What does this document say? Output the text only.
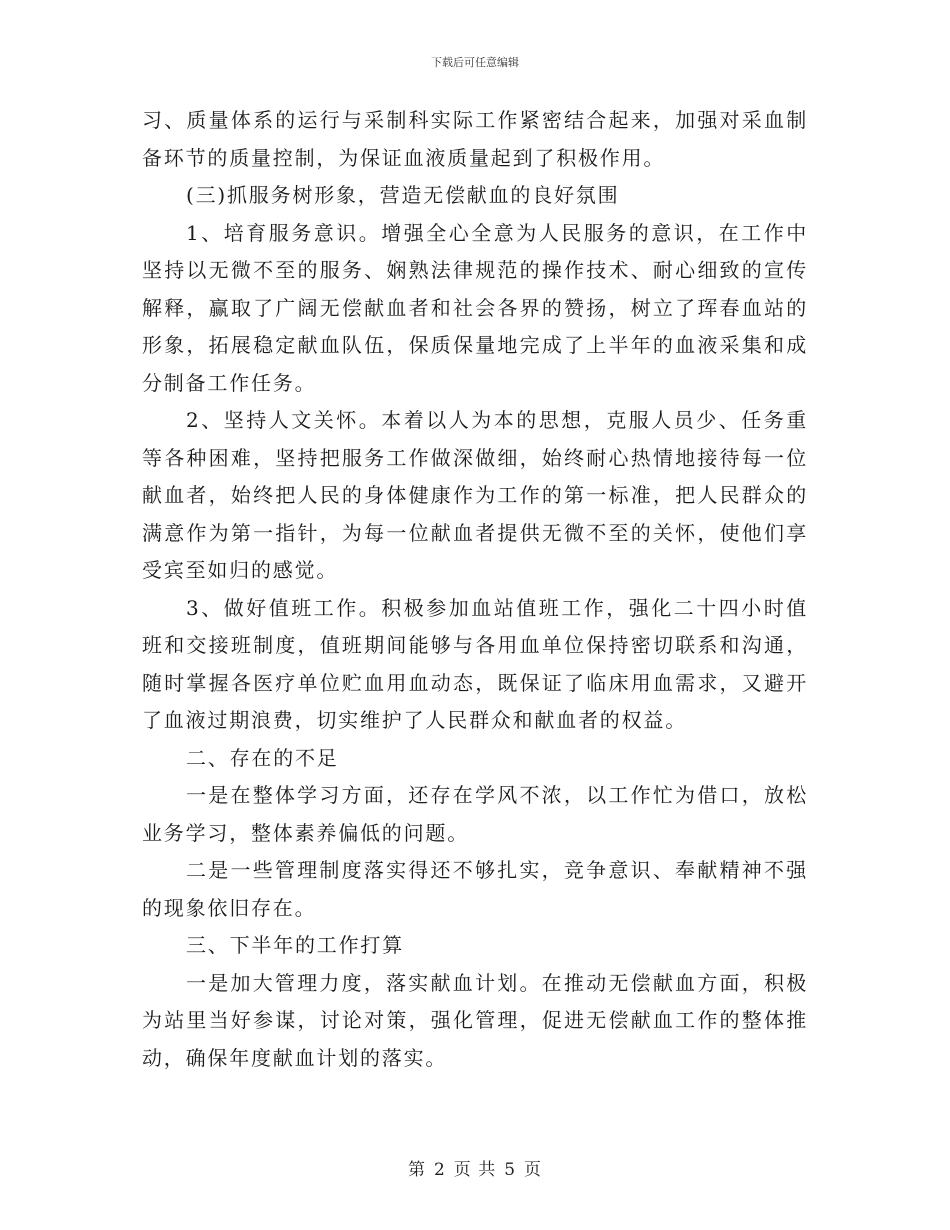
下载后可任意编辑

习、质量体系的运行与采制科实际工作紧密结合起来，加强对采血制备环节的质量控制，为保证血液质量起到了积极作用。

(三)抓服务树形象，营造无偿献血的良好氛围

1、培育服务意识。增强全心全意为人民服务的意识，在工作中坚持以无微不至的服务、娴熟法律规范的操作技术、耐心细致的宣传解释，赢取了广阔无偿献血者和社会各界的赞扬，树立了珲春血站的形象，拓展稳定献血队伍，保质保量地完成了上半年的血液采集和成分制备工作任务。

2、坚持人文关怀。本着以人为本的思想，克服人员少、任务重等各种困难，坚持把服务工作做深做细，始终耐心热情地接待每一位献血者，始终把人民的身体健康作为工作的第一标准，把人民群众的满意作为第一指针，为每一位献血者提供无微不至的关怀，使他们享受宾至如归的感觉。

3、做好值班工作。积极参加血站值班工作，强化二十四小时值班和交接班制度，值班期间能够与各用血单位保持密切联系和沟通，随时掌握各医疗单位贮血用血动态，既保证了临床用血需求，又避开了血液过期浪费，切实维护了人民群众和献血者的权益。

二、存在的不足

一是在整体学习方面，还存在学风不浓，以工作忙为借口，放松业务学习，整体素养偏低的问题。

二是一些管理制度落实得还不够扎实，竞争意识、奉献精神不强的现象依旧存在。

三、下半年的工作打算

一是加大管理力度，落实献血计划。在推动无偿献血方面，积极为站里当好参谋，讨论对策，强化管理，促进无偿献血工作的整体推动，确保年度献血计划的落实。

第 2 页 共 5 页
